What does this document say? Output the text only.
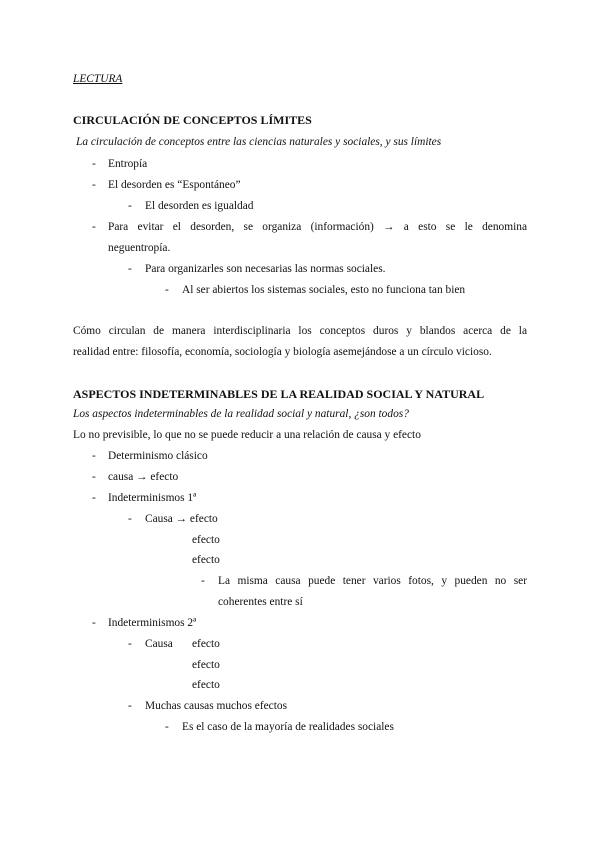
LECTURA
CIRCULACIÓN DE CONCEPTOS LÍMITES
La circulación de conceptos entre las ciencias naturales y sociales, y sus límites
- Entropía
- El desorden es “Espontáneo”
- El desorden es igualdad
- Para evitar el desorden, se organiza (información) → a esto se le denomina
neguentropía.
- Para organizarles son necesarias las normas sociales.
- Al ser abiertos los sistemas sociales, esto no funciona tan bien
Cómo circulan de manera interdisciplinaria los conceptos duros y blandos acerca de la
realidad entre: filosofía, economía, sociología y biología asemejándose a un círculo vicioso.
ASPECTOS INDETERMINABLES DE LA REALIDAD SOCIAL Y NATURAL
Los aspectos indeterminables de la realidad social y natural, ¿son todos?
Lo no previsible, lo que no se puede reducir a una relación de causa y efecto
- Determinismo clásico
- causa → efecto
- Indeterminismos 1ª
- Causa → efecto
efecto
efecto
- La misma causa puede tener varios fotos, y pueden no ser
coherentes entre sí
- Indeterminismos 2ª
- Causa efecto
efecto
efecto
- Muchas causas muchos efectos
- Es el caso de la mayoría de realidades sociales
